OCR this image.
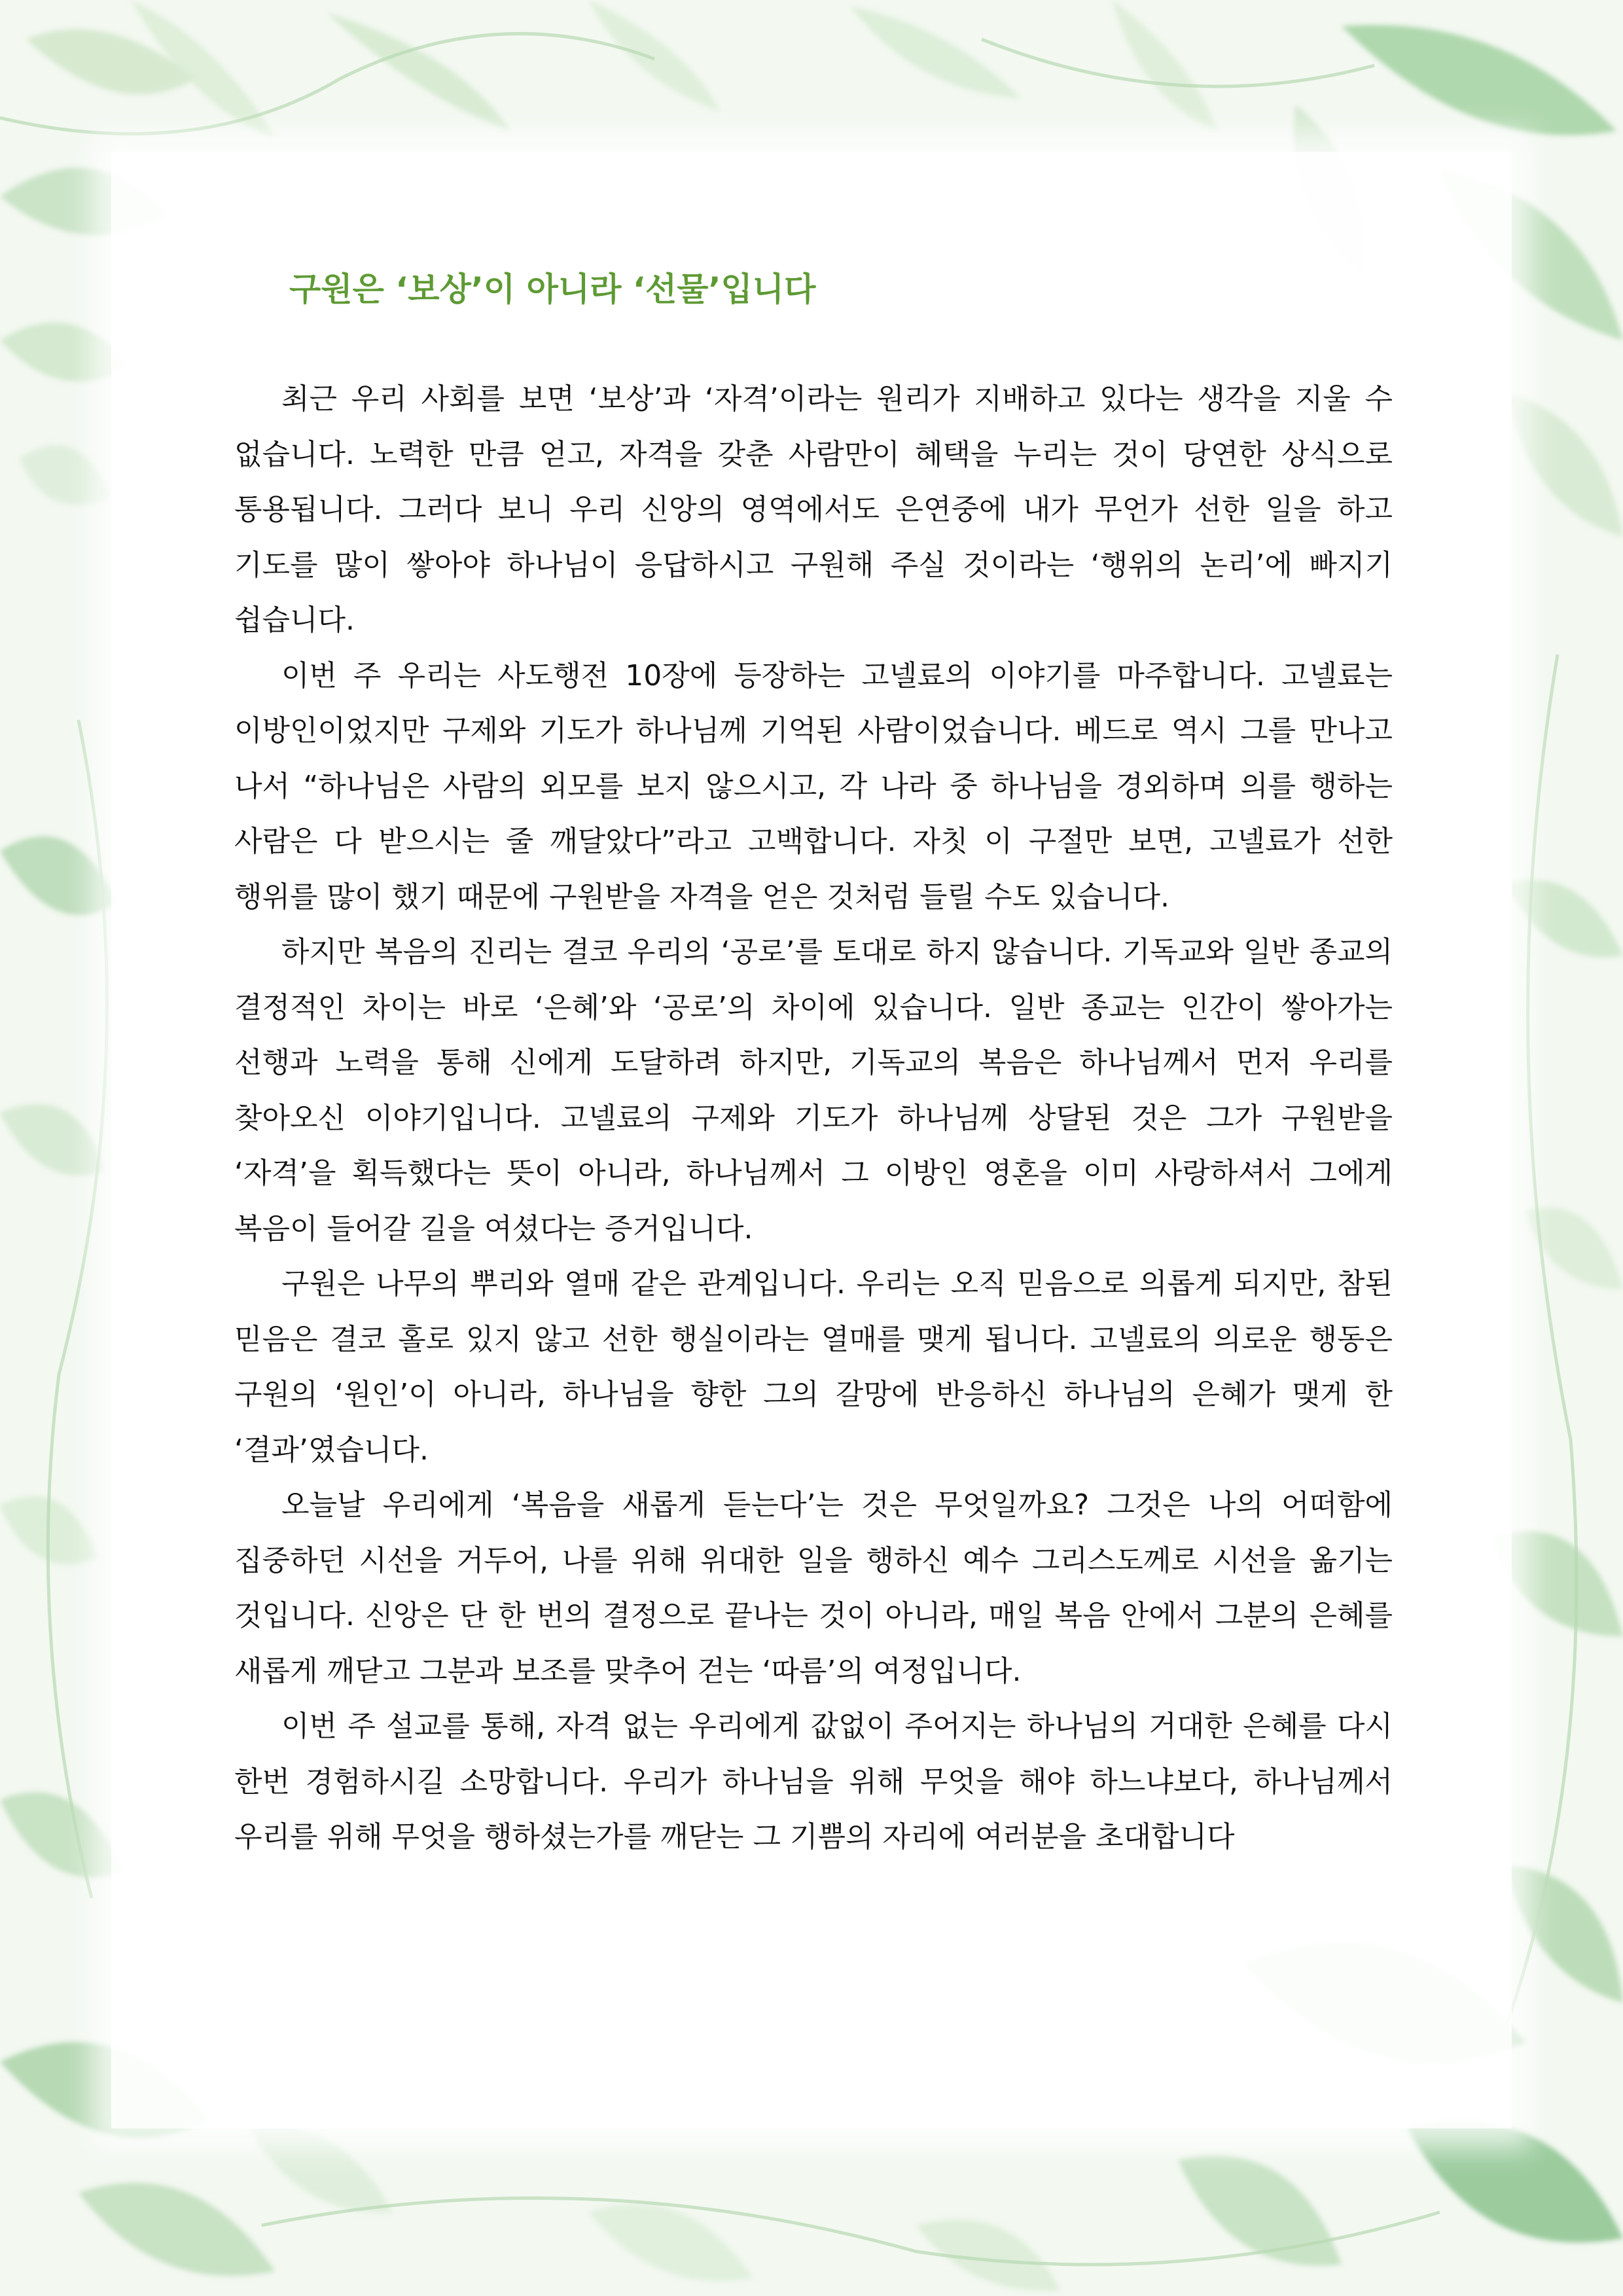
구원은 ‘보상’이 아니라 ‘선물’입니다

최근 우리 사회를 보면 ‘보상’과 ‘자격’이라는 원리가 지배하고 있다는 생각을 지울 수 없습니다. 노력한 만큼 얻고, 자격을 갖춘 사람만이 혜택을 누리는 것이 당연한 상식으로 통용됩니다. 그러다 보니 우리 신앙의 영역에서도 은연중에 내가 무언가 선한 일을 하고 기도를 많이 쌓아야 하나님이 응답하시고 구원해 주실 것이라는 ‘행위의 논리’에 빠지기 쉽습니다.

이번 주 우리는 사도행전 10장에 등장하는 고넬료의 이야기를 마주합니다. 고넬료는 이방인이었지만 구제와 기도가 하나님께 기억된 사람이었습니다. 베드로 역시 그를 만나고 나서 “하나님은 사람의 외모를 보지 않으시고, 각 나라 중 하나님을 경외하며 의를 행하는 사람은 다 받으시는 줄 깨달았다”라고 고백합니다. 자칫 이 구절만 보면, 고넬료가 선한 행위를 많이 했기 때문에 구원받을 자격을 얻은 것처럼 들릴 수도 있습니다.

하지만 복음의 진리는 결코 우리의 ‘공로’를 토대로 하지 않습니다. 기독교와 일반 종교의 결정적인 차이는 바로 ‘은혜’와 ‘공로’의 차이에 있습니다. 일반 종교는 인간이 쌓아가는 선행과 노력을 통해 신에게 도달하려 하지만, 기독교의 복음은 하나님께서 먼저 우리를 찾아오신 이야기입니다. 고넬료의 구제와 기도가 하나님께 상달된 것은 그가 구원받을 ‘자격’을 획득했다는 뜻이 아니라, 하나님께서 그 이방인 영혼을 이미 사랑하셔서 그에게 복음이 들어갈 길을 여셨다는 증거입니다.

구원은 나무의 뿌리와 열매 같은 관계입니다. 우리는 오직 믿음으로 의롭게 되지만, 참된 믿음은 결코 홀로 있지 않고 선한 행실이라는 열매를 맺게 됩니다. 고넬료의 의로운 행동은 구원의 ‘원인’이 아니라, 하나님을 향한 그의 갈망에 반응하신 하나님의 은혜가 맺게 한 ‘결과’였습니다.

오늘날 우리에게 ‘복음을 새롭게 듣는다’는 것은 무엇일까요? 그것은 나의 어떠함에 집중하던 시선을 거두어, 나를 위해 위대한 일을 행하신 예수 그리스도께로 시선을 옮기는 것입니다. 신앙은 단 한 번의 결정으로 끝나는 것이 아니라, 매일 복음 안에서 그분의 은혜를 새롭게 깨닫고 그분과 보조를 맞추어 걷는 ‘따름’의 여정입니다.

이번 주 설교를 통해, 자격 없는 우리에게 값없이 주어지는 하나님의 거대한 은혜를 다시 한번 경험하시길 소망합니다. 우리가 하나님을 위해 무엇을 해야 하느냐보다, 하나님께서 우리를 위해 무엇을 행하셨는가를 깨닫는 그 기쁨의 자리에 여러분을 초대합니다
